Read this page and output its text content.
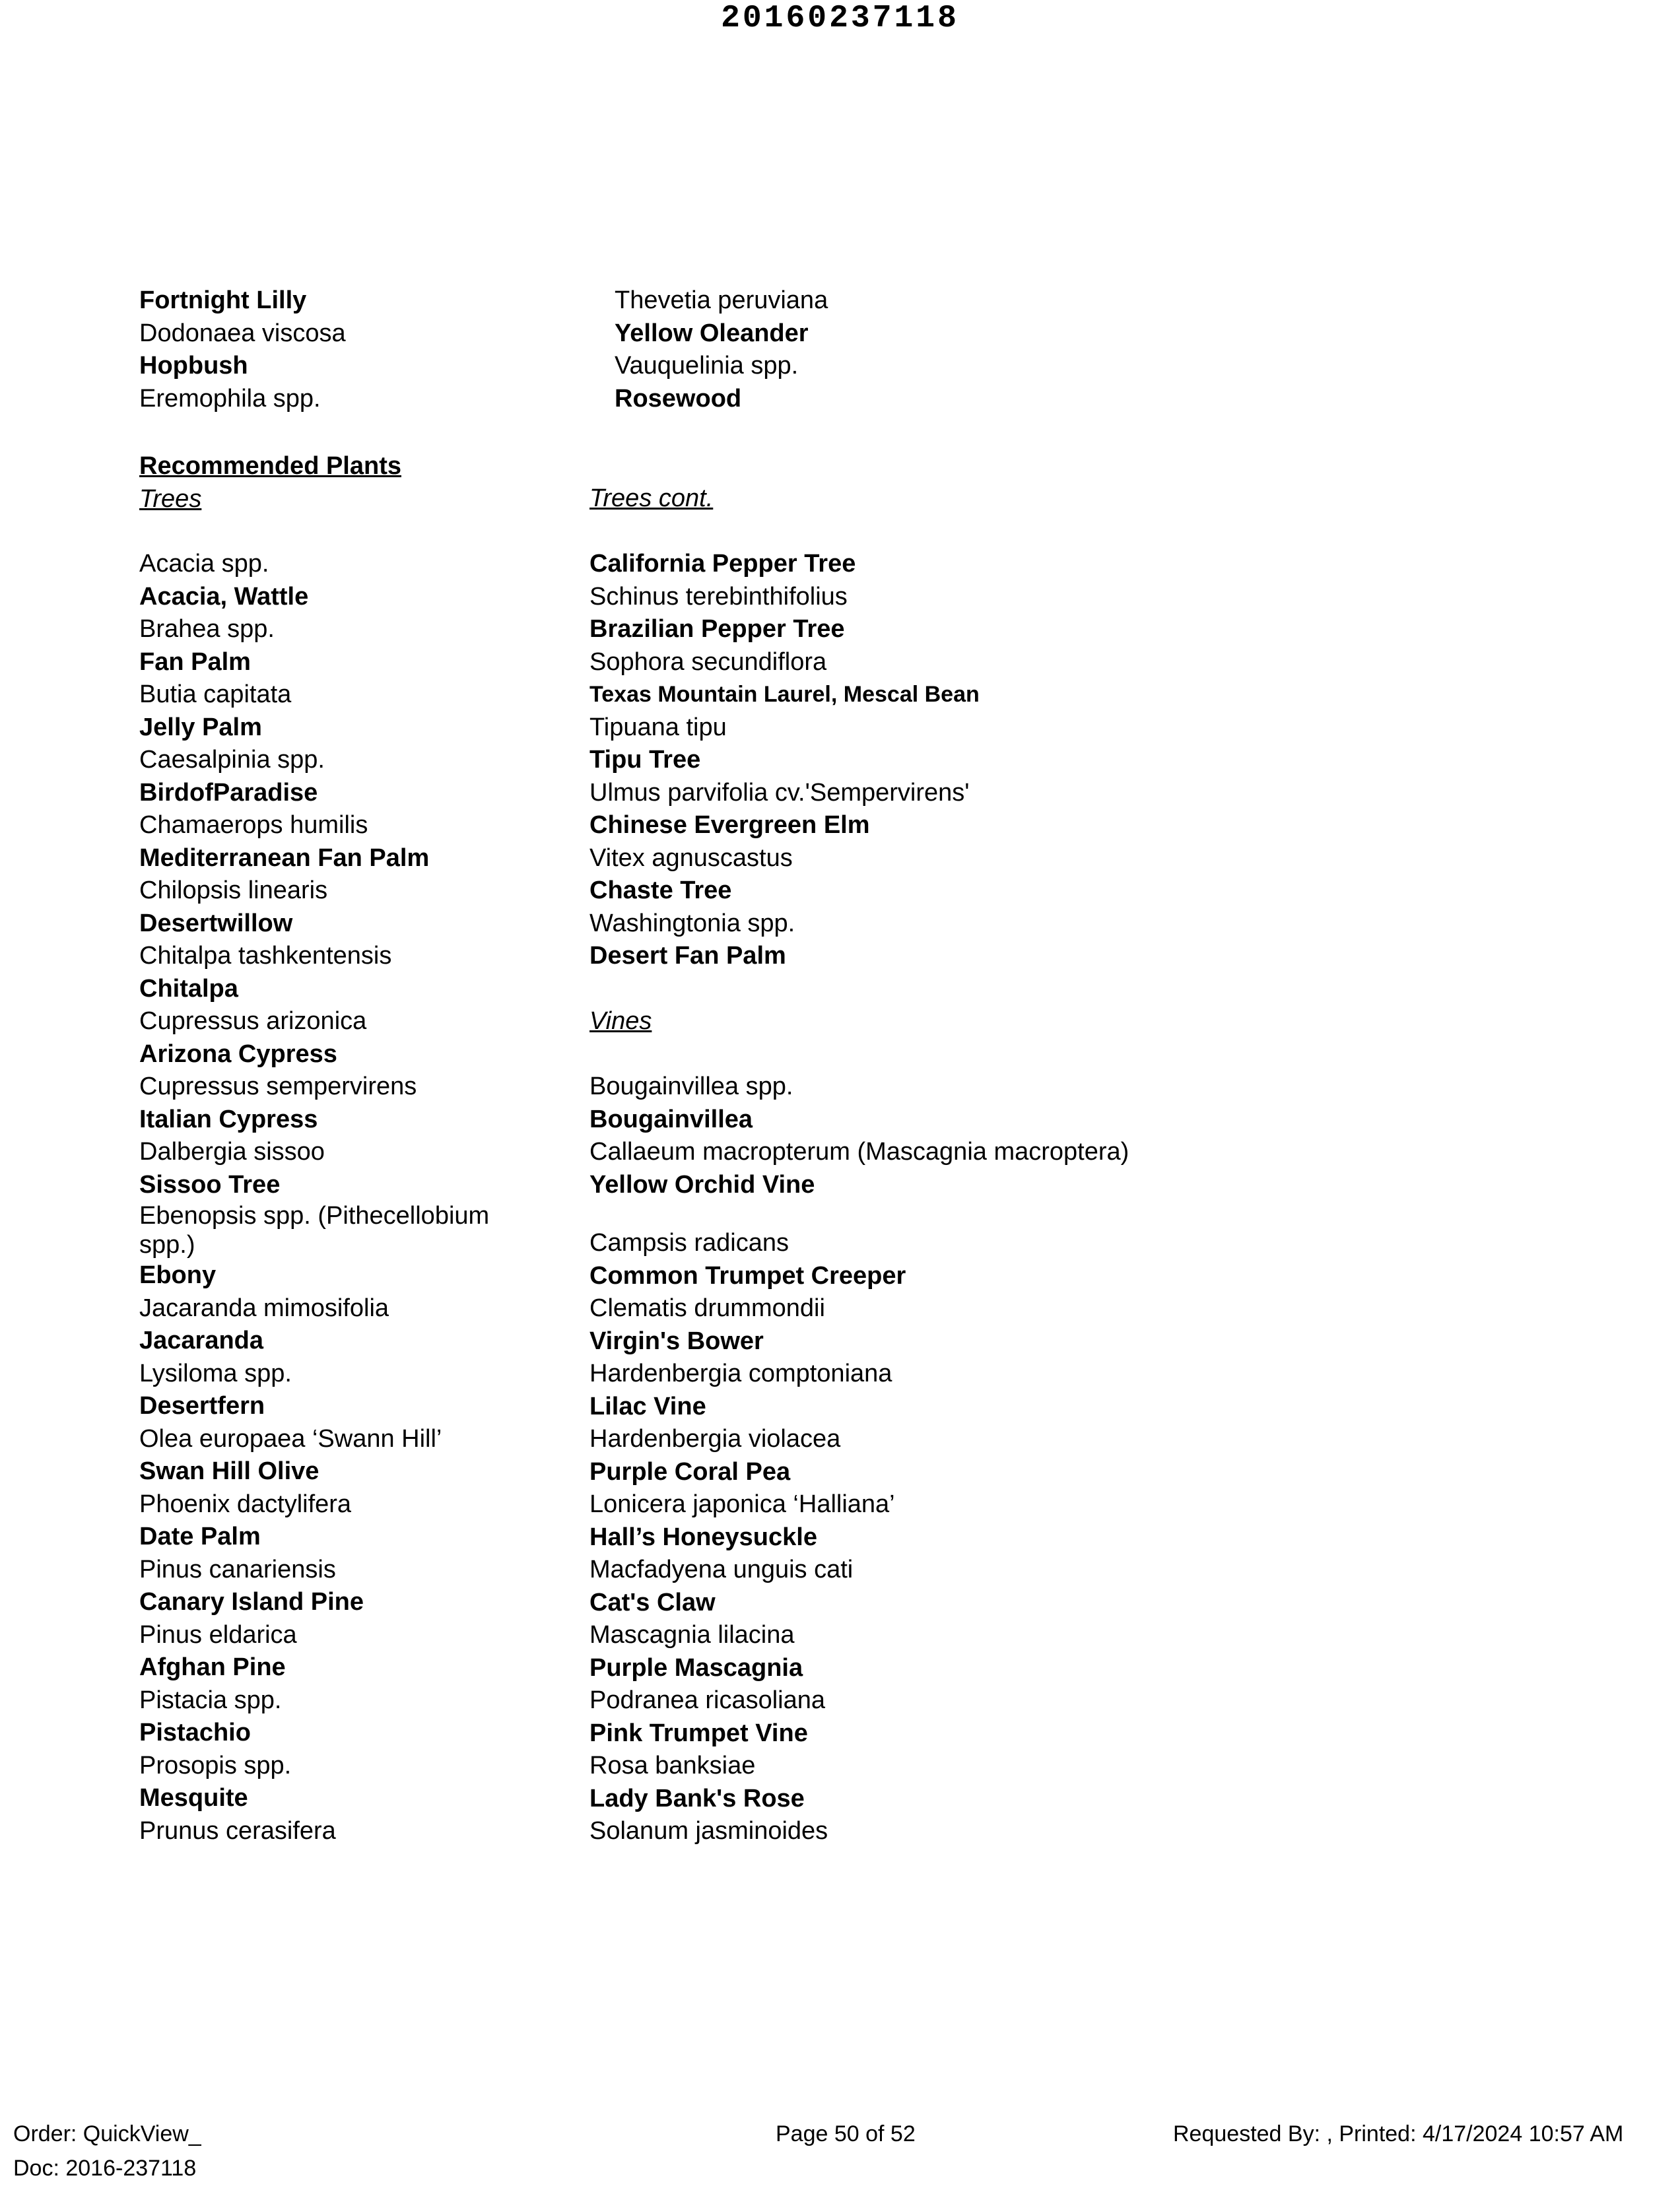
20160237118
Fortnight Lilly
Dodonaea viscosa
Hopbush
Eremophila spp.
Thevetia peruviana
Yellow Oleander
Vauquelinia spp.
Rosewood
Recommended Plants
Trees	Trees cont.
Acacia spp.
Acacia, Wattle
Brahea spp.
Fan Palm
Butia capitata
Jelly Palm
Caesalpinia spp.
BirdofParadise
Chamaerops humilis
Mediterranean Fan Palm
Chilopsis linearis
Desertwillow
Chitalpa tashkentensis
Chitalpa
Cupressus arizonica
Arizona Cypress
Cupressus sempervirens
Italian Cypress
Dalbergia sissoo
Sissoo Tree
Ebenopsis spp. (Pithecellobium spp.)
Ebony
Jacaranda mimosifolia
Jacaranda
Lysiloma spp.
Desertfern
Olea europaea ‘Swann Hill’
Swan Hill Olive
Phoenix dactylifera
Date Palm
Pinus canariensis
Canary Island Pine
Pinus eldarica
Afghan Pine
Pistacia spp.
Pistachio
Prosopis spp.
Mesquite
Prunus cerasifera
California Pepper Tree
Schinus terebinthifolius
Brazilian Pepper Tree
Sophora secundiflora
Texas Mountain Laurel, Mescal Bean
Tipuana tipu
Tipu Tree
Ulmus parvifolia cv.'Sempervirens'
Chinese Evergreen Elm
Vitex agnuscastus
Chaste Tree
Washingtonia spp.
Desert Fan Palm
Vines
Bougainvillea spp.
Bougainvillea
Callaeum macropterum (Mascagnia macroptera)
Yellow Orchid Vine
Campsis radicans
Common Trumpet Creeper
Clematis drummondii
Virgin's Bower
Hardenbergia comptoniana
Lilac Vine
Hardenbergia violacea
Purple Coral Pea
Lonicera japonica ‘Halliana’
Hall’s Honeysuckle
Macfadyena unguis cati
Cat's Claw
Mascagnia lilacina
Purple Mascagnia
Podranea ricasoliana
Pink Trumpet Vine
Rosa banksiae
Lady Bank's Rose
Solanum jasminoides
Order: QuickView_
Doc: 2016-237118
Page 50 of 52	Requested By: , Printed: 4/17/2024 10:57 AM
